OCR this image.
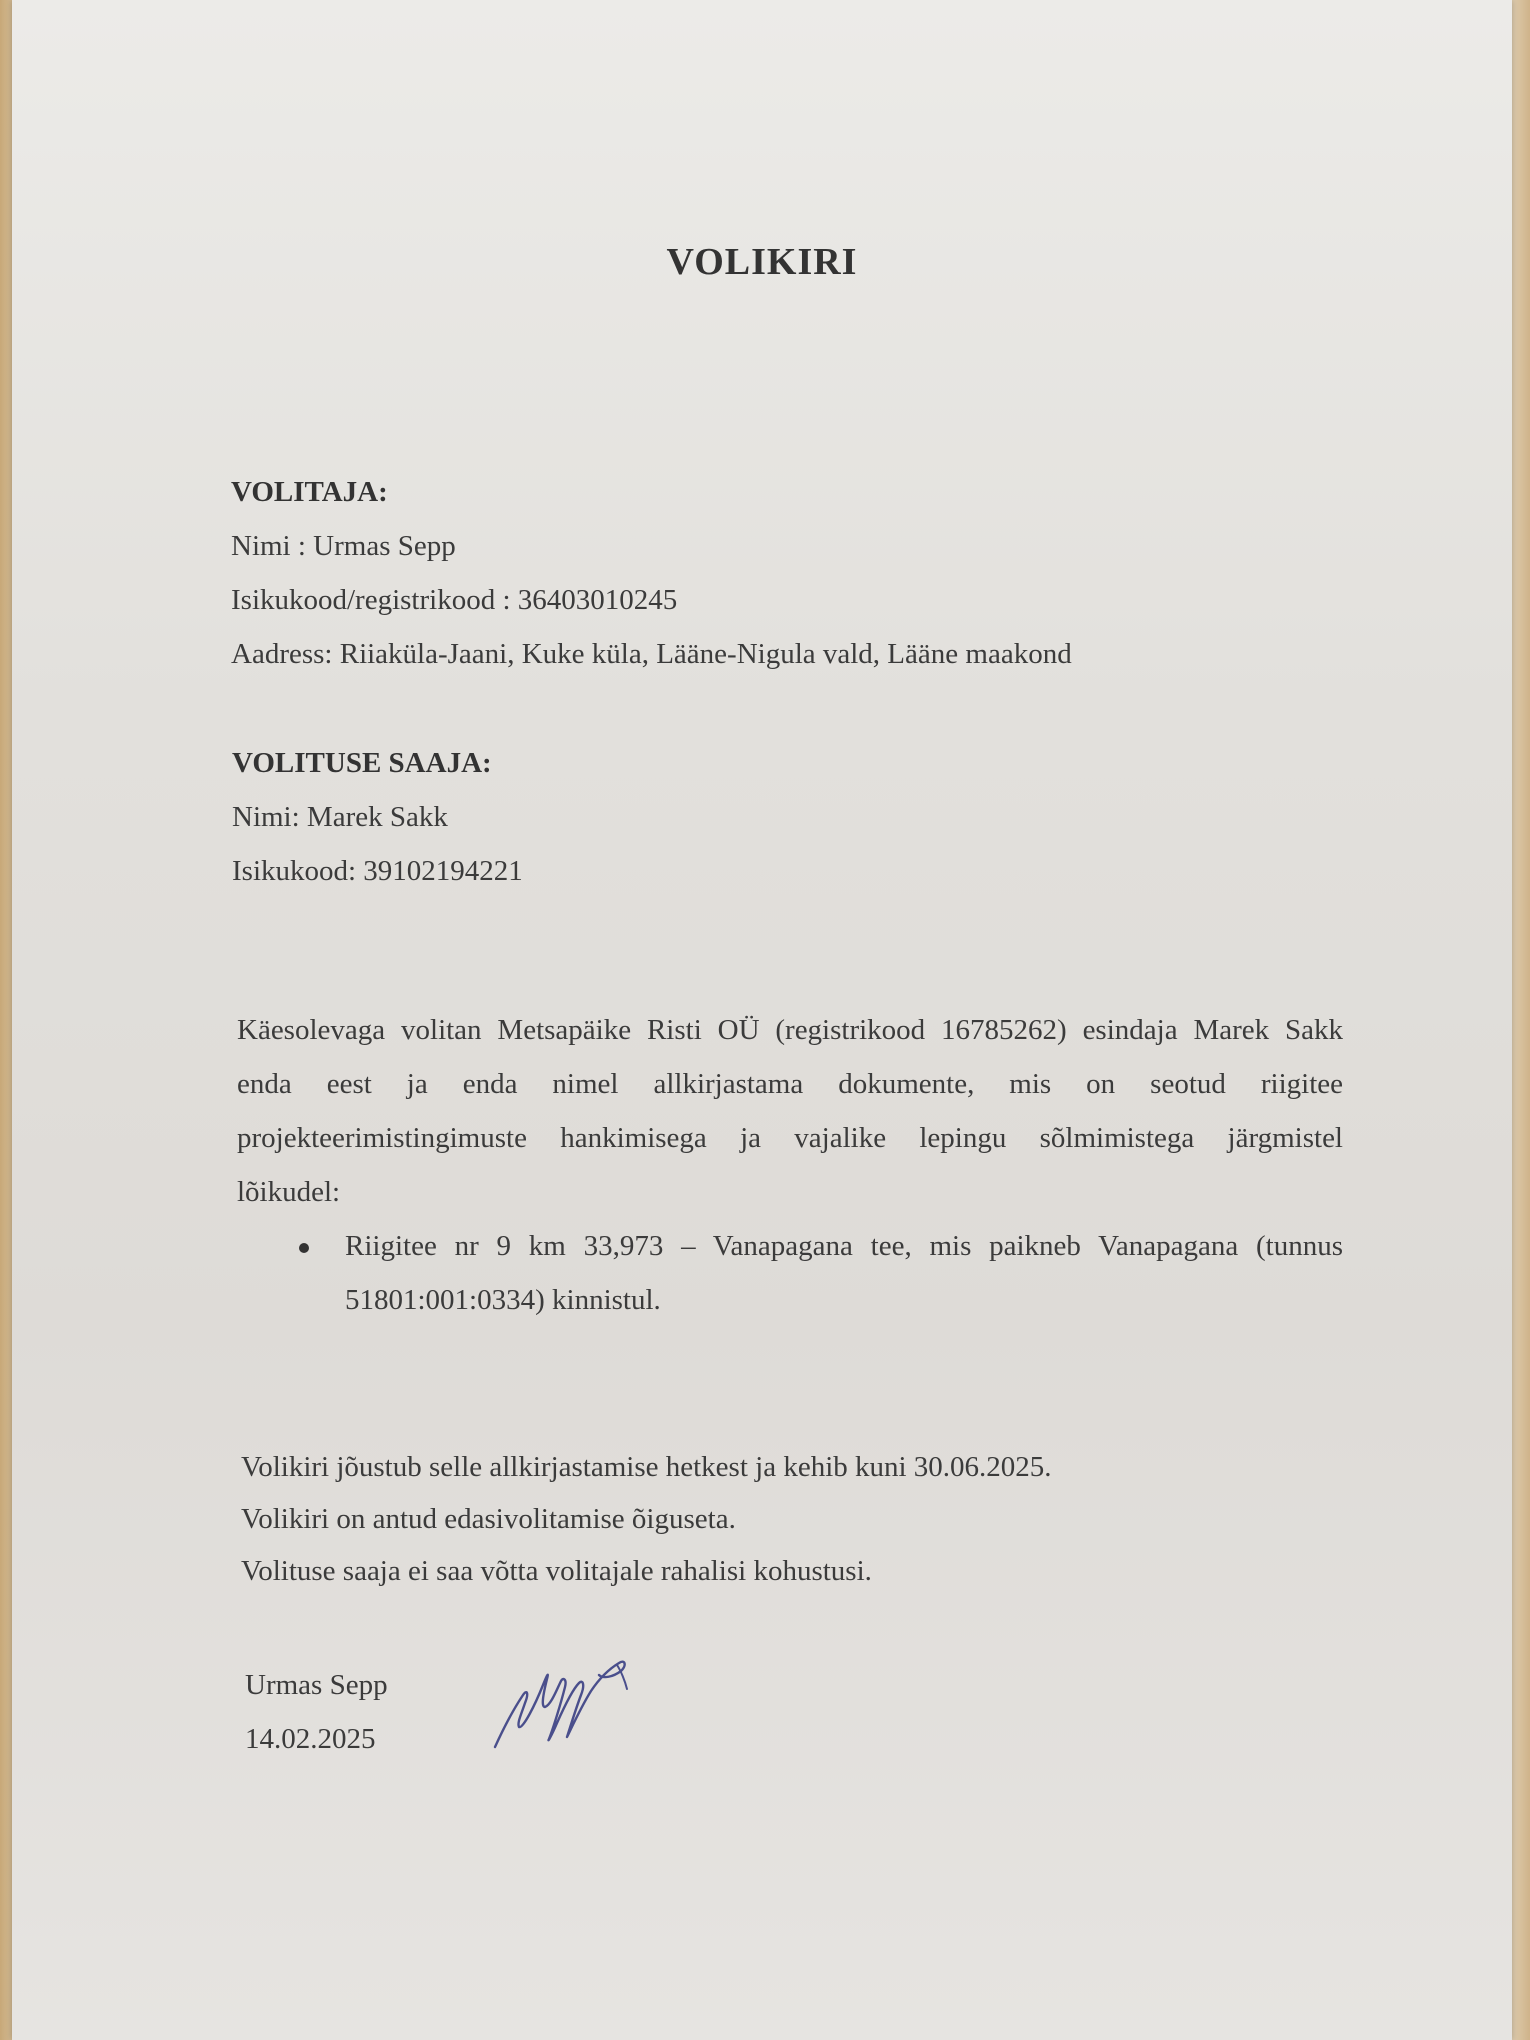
VOLIKIRI
VOLITAJA:
Nimi : Urmas Sepp
Isikukood/registrikood : 36403010245
Aadress: Riiaküla-Jaani, Kuke küla, Lääne-Nigula vald, Lääne maakond
VOLITUSE SAAJA:
Nimi: Marek Sakk
Isikukood: 39102194221
Käesolevaga volitan Metsapäike Risti OÜ (registrikood 16785262) esindaja Marek Sakk
enda eest ja enda nimel allkirjastama dokumente, mis on seotud riigitee
projekteerimistingimuste hankimisega ja vajalike lepingu sõlmimistega järgmistel
lõikudel:
Riigitee nr 9 km 33,973 – Vanapagana tee, mis paikneb Vanapagana (tunnus
51801:001:0334) kinnistul.
Volikiri jõustub selle allkirjastamise hetkest ja kehib kuni 30.06.2025.
Volikiri on antud edasivolitamise õiguseta.
Volituse saaja ei saa võtta volitajale rahalisi kohustusi.
Urmas Sepp
14.02.2025
